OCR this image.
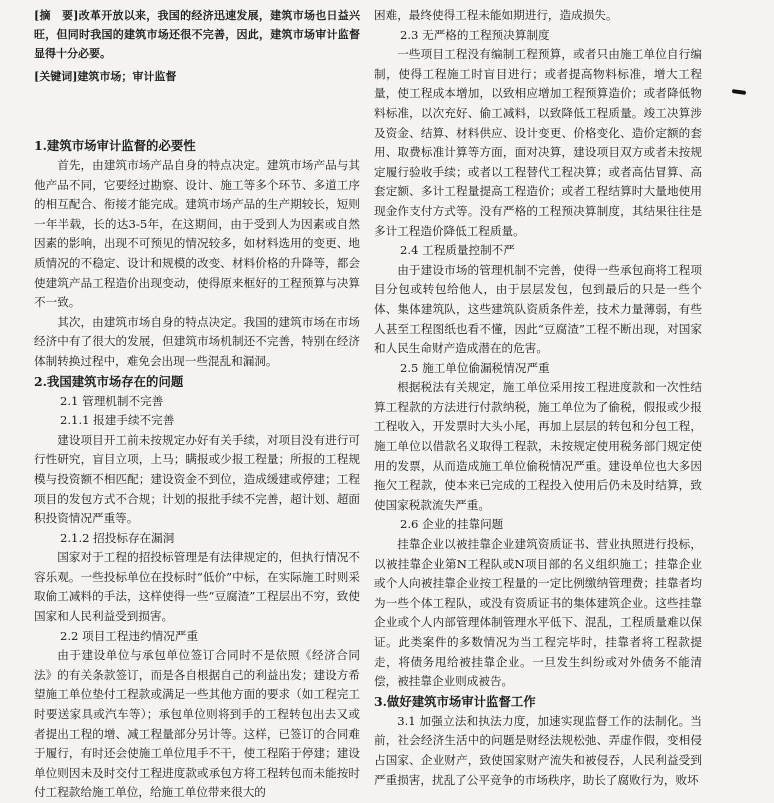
[摘　要]改革开放以来，我国的经济迅速发展，建筑市场也日益兴旺，但同时我国的建筑市场还很不完善，因此，建筑市场审计监督显得十分必要。

[关键词]建筑市场；审计监督

1.建筑市场审计监督的必要性

首先，由建筑市场产品自身的特点决定。建筑市场产品与其他产品不同，它要经过勘察、设计、施工等多个环节、多道工序的相互配合、衔接才能完成。建筑市场产品的生产期较长，短则一年半载，长的达3-5年，在这期间，由于受到人为因素或自然因素的影响，出现不可预见的情况较多，如材料选用的变更、地质情况的不稳定、设计和规模的改变、材料价格的升降等，都会使建筑产品工程造价出现变动，使得原来框好的工程预算与决算不一致。

其次，由建筑市场自身的特点决定。我国的建筑市场在市场经济中有了很大的发展，但建筑市场机制还不完善，特别在经济体制转换过程中，难免会出现一些混乱和漏洞。

2.我国建筑市场存在的问题

2.1 管理机制不完善

2.1.1 报建手续不完善

建设项目开工前未按规定办好有关手续，对项目没有进行可行性研究，盲目立项，上马；瞒报或少报工程量；所报的工程规模与投资额不相匹配；建设资金不到位，造成缓建或停建；工程项目的发包方式不合规；计划的报批手续不完善，超计划、超面积投资情况严重等。

2.1.2 招投标存在漏洞

国家对于工程的招投标管理是有法律规定的，但执行情况不容乐观。一些投标单位在投标时“低价”中标，在实际施工时则采取偷工减料的手法，这样使得一些“豆腐渣”工程层出不穷，致使国家和人民利益受到损害。

2.2 项目工程违约情况严重

由于建设单位与承包单位签订合同时不是依照《经济合同法》的有关条款签订，而是各自根据自己的利益出发；建设方希望施工单位垫付工程款或满足一些其他方面的要求（如工程完工时要送家具或汽车等）；承包单位则将到手的工程转包出去又或者提出工程的增、减工程量部分另计等。这样，已签订的合同难于履行，有时还会使施工单位甩手不干，使工程陷于停建；建设单位则因未及时交付工程进度款或承包方将工程转包而未能按时付工程款给施工单位，给施工单位带来很大的

困难，最终使得工程未能如期进行，造成损失。

2.3 无严格的工程预决算制度

一些项目工程没有编制工程预算，或者只由施工单位自行编制，使得工程施工时盲目进行；或者提高物料标准，增大工程量，使工程成本增加，以致相应增加工程预算造价；或者降低物料标准，以次充好、偷工减料，以致降低工程质量。竣工决算涉及资金、结算、材料供应、设计变更、价格变化、造价定额的套用、取费标准计算等方面，面对决算，建设项目双方或者未按规定履行验收手续；或者以工程替代工程决算；或者高估冒算、高套定额、多计工程量提高工程造价；或者工程结算时大量地使用现金作支付方式等。没有严格的工程预决算制度，其结果往往是多计工程造价降低工程质量。

2.4 工程质量控制不严

由于建设市场的管理机制不完善，使得一些承包商将工程项目分包或转包给他人，由于层层发包，包到最后的只是一些个体、集体建筑队，这些建筑队资质条件差，技术力量薄弱，有些人甚至工程图纸也看不懂，因此“豆腐渣”工程不断出现，对国家和人民生命财产造成潜在的危害。

2.5 施工单位偷漏税情况严重

根据税法有关规定，施工单位采用按工程进度款和一次性结算工程款的方法进行付款纳税，施工单位为了偷税，假报或少报工程收入，开发票时大头小尾，再加上层层的转包和分包工程，施工单位以借款名义取得工程款，未按规定使用税务部门规定使用的发票，从而造成施工单位偷税情况严重。建设单位也大多因拖欠工程款，使本来已完成的工程投入使用后仍未及时结算，致使国家税款流失严重。

2.6 企业的挂靠问题

挂靠企业以被挂靠企业建筑资质证书、营业执照进行投标，以被挂靠企业第N工程队或N项目部的名义组织施工；挂靠企业或个人向被挂靠企业按工程量的一定比例缴纳管理费；挂靠者均为一些个体工程队，或没有资质证书的集体建筑企业。这些挂靠企业或个人内部管理体制管理水平低下、混乱，工程质量难以保证。此类案件的多数情况为当工程完毕时，挂靠者将工程款提走，将债务甩给被挂靠企业。一旦发生纠纷或对外债务不能清偿，被挂靠企业则成被告。

3.做好建筑市场审计监督工作

3.1 加强立法和执法力度，加速实现监督工作的法制化。当前，社会经济生活中的问题是财经法规松弛、弄虚作假，变相侵占国家、企业财产，致使国家财产流失和被侵吞，人民利益受到严重损害，扰乱了公平竞争的市场秩序，助长了腐败行为，败坏
